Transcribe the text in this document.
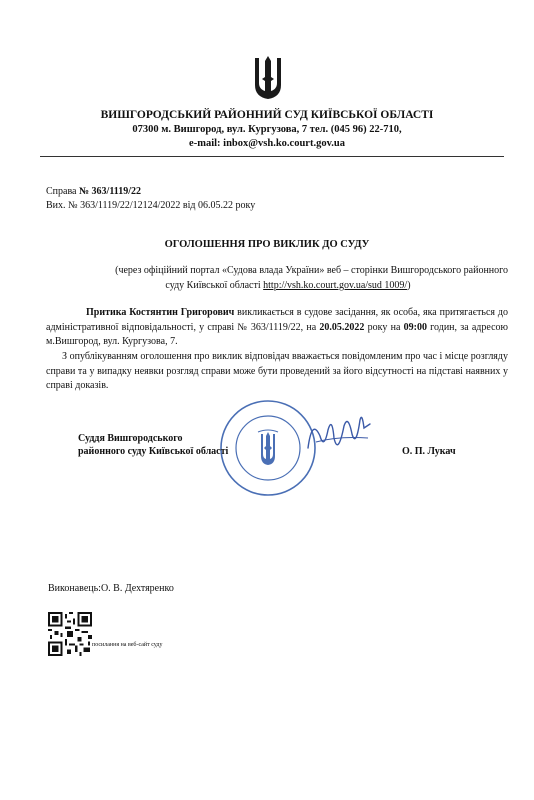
ВИШГОРОДСЬКИЙ РАЙОННИЙ СУД КИЇВСЬКОЇ ОБЛАСТІ
07300 м. Вишгород, вул. Кургузова, 7 тел. (045 96) 22-710,
e-mail: inbox@vsh.ko.court.gov.ua
Справа № 363/1119/22
Вих. № 363/1119/22/12124/2022 від 06.05.22 року
ОГОЛОШЕННЯ ПРО ВИКЛИК ДО СУДУ
(через офіційний портал «Судова влада України» веб – сторінки Вишгородського районного
суду Київської області http://vsh.ko.court.gov.ua/sud 1009/)
Притика Костянтин Григорович викликається в судове засідання, як особа, яка притягається до адміністративної відповідальності, у справі № 363/1119/22, на 20.05.2022 року на 09:00 годин, за адресою м.Вишгород, вул. Кургузова, 7.
З опублікуванням оголошення про виклик відповідач вважається повідомленим про час і місце розгляду справи та у випадку неявки розгляд справи може бути проведений за його відсутності на підставі наявних у справі доказів.
Суддя Вишгородського
районного суду Київської області	О. П. Лукач
Виконавець:О. В. Дехтяренко
посилання на веб-сайт суду
